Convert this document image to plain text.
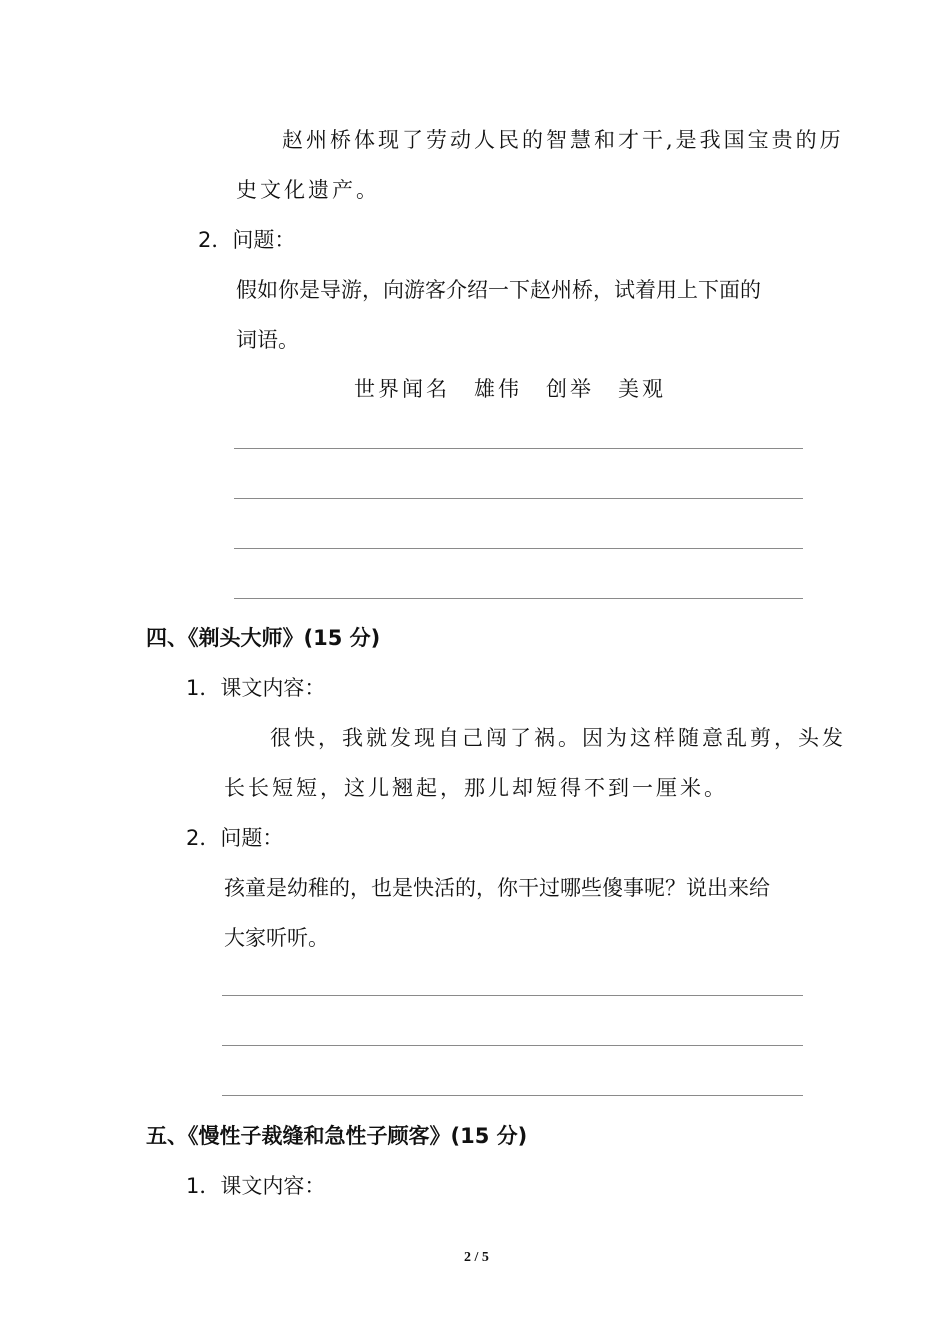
赵州桥体现了劳动人民的智慧和才干,是我国宝贵的历
史文化遗产。
2．问题：
假如你是导游，向游客介绍一下赵州桥，试着用上下面的
词语。
世界闻名　雄伟　创举　美观
四、《剃头大师》(15 分)
1．课文内容：
很快，我就发现自己闯了祸。因为这样随意乱剪，头发
长长短短，这儿翘起，那儿却短得不到一厘米。
2．问题：
孩童是幼稚的，也是快活的，你干过哪些傻事呢？说出来给
大家听听。
五、《慢性子裁缝和急性子顾客》(15 分)
1．课文内容：
2 / 5
